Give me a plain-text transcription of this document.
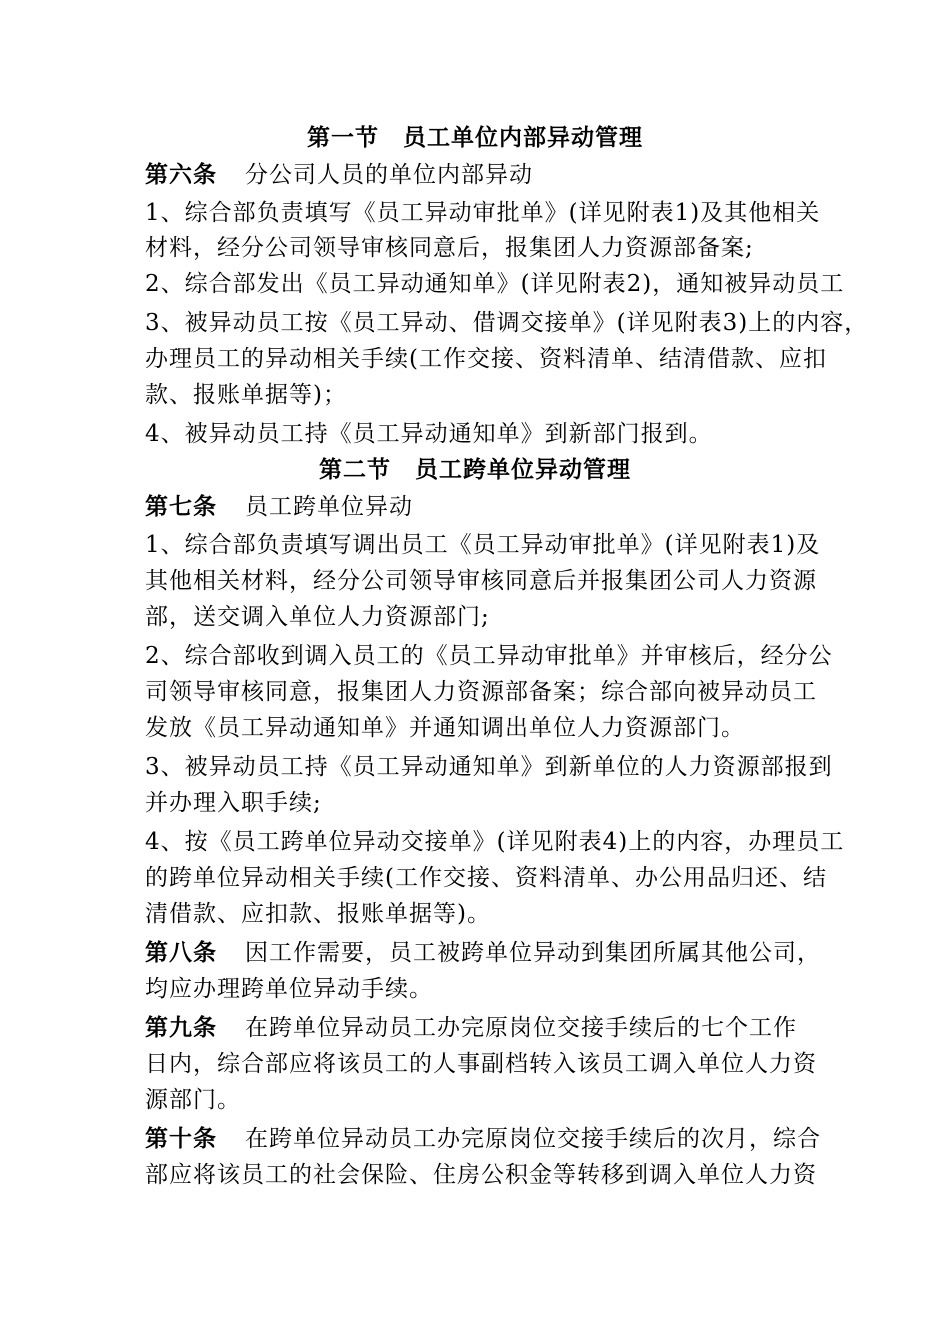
第一节　员工单位内部异动管理
第六条 分公司人员的单位内部异动
1、综合部负责填写《员工异动审批单》(详见附表1)及其他相关
材料，经分公司领导审核同意后，报集团人力资源部备案;
2、综合部发出《员工异动通知单》(详见附表2)，通知被异动员工
3、被异动员工按《员工异动、借调交接单》(详见附表3)上的内容，
办理员工的异动相关手续(工作交接、资料清单、结清借款、应扣
款、报账单据等)；
4、被异动员工持《员工异动通知单》到新部门报到。
第二节　员工跨单位异动管理
第七条 员工跨单位异动
1、综合部负责填写调出员工《员工异动审批单》(详见附表1)及
其他相关材料，经分公司领导审核同意后并报集团公司人力资源
部，送交调入单位人力资源部门;
2、综合部收到调入员工的《员工异动审批单》并审核后，经分公
司领导审核同意，报集团人力资源部备案；综合部向被异动员工
发放《员工异动通知单》并通知调出单位人力资源部门。
3、被异动员工持《员工异动通知单》到新单位的人力资源部报到
并办理入职手续;
4、按《员工跨单位异动交接单》(详见附表4)上的内容，办理员工
的跨单位异动相关手续(工作交接、资料清单、办公用品归还、结
清借款、应扣款、报账单据等)。
第八条 因工作需要，员工被跨单位异动到集团所属其他公司，
均应办理跨单位异动手续。
第九条 在跨单位异动员工办完原岗位交接手续后的七个工作
日内，综合部应将该员工的人事副档转入该员工调入单位人力资
源部门。
第十条 在跨单位异动员工办完原岗位交接手续后的次月，综合
部应将该员工的社会保险、住房公积金等转移到调入单位人力资
